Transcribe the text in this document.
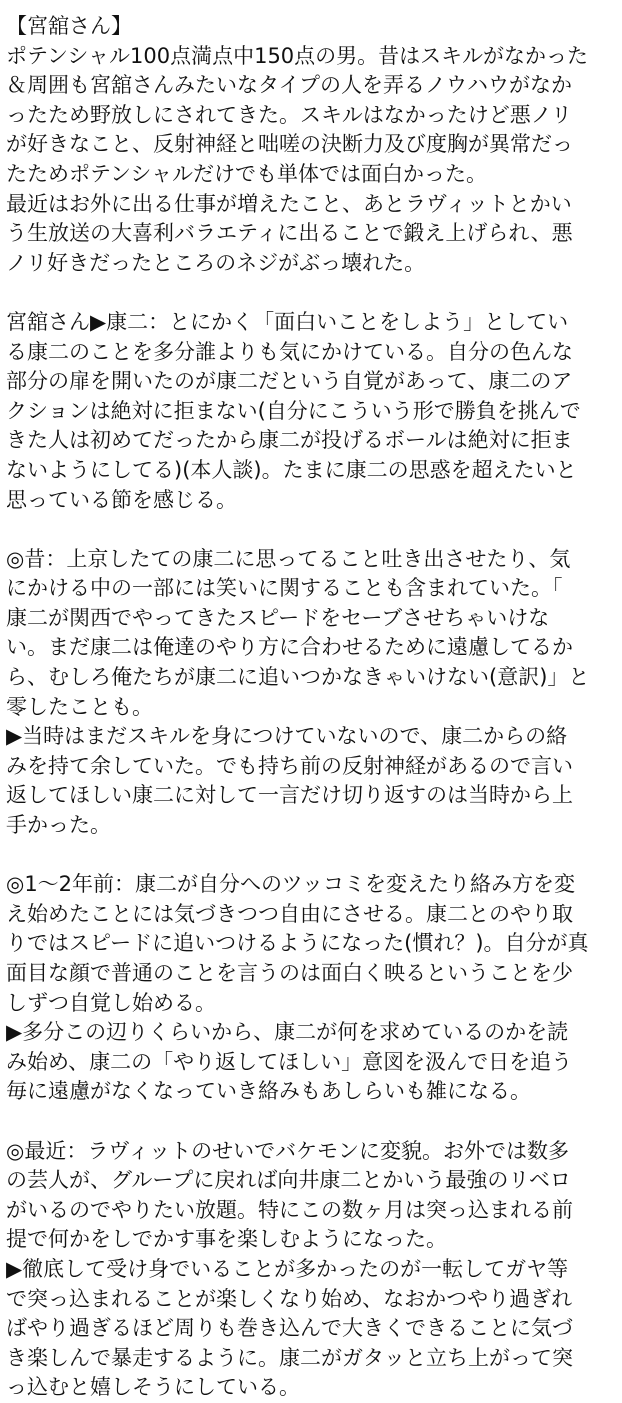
【宮舘さん】
ポテンシャル100点満点中150点の男。昔はスキルがなかった
＆周囲も宮舘さんみたいなタイプの人を弄るノウハウがなか
ったため野放しにされてきた。スキルはなかったけど悪ノリ
が好きなこと、反射神経と咄嗟の決断力及び度胸が異常だっ
たためポテンシャルだけでも単体では面白かった。
最近はお外に出る仕事が増えたこと、あとラヴィットとかい
う生放送の大喜利バラエティに出ることで鍛え上げられ、悪
ノリ好きだったところのネジがぶっ壊れた。
宮舘さん▶康二：とにかく「面白いことをしよう」としてい
る康二のことを多分誰よりも気にかけている。自分の色んな
部分の扉を開いたのが康二だという自覚があって、康二のア
クションは絶対に拒まない(自分にこういう形で勝負を挑んで
きた人は初めてだったから康二が投げるボールは絶対に拒ま
ないようにしてる)(本人談)。たまに康二の思惑を超えたいと
思っている節を感じる。
◎昔：上京したての康二に思ってること吐き出させたり、気
にかける中の一部には笑いに関することも含まれていた。「
康二が関西でやってきたスピードをセーブさせちゃいけな
い。まだ康二は俺達のやり方に合わせるために遠慮してるか
ら、むしろ俺たちが康二に追いつかなきゃいけない(意訳)」と
零したことも。
▶当時はまだスキルを身につけていないので、康二からの絡
みを持て余していた。でも持ち前の反射神経があるので言い
返してほしい康二に対して一言だけ切り返すのは当時から上
手かった。
◎1～2年前：康二が自分へのツッコミを変えたり絡み方を変
え始めたことには気づきつつ自由にさせる。康二とのやり取
りではスピードに追いつけるようになった(慣れ？)。自分が真
面目な顔で普通のことを言うのは面白く映るということを少
しずつ自覚し始める。
▶多分この辺りくらいから、康二が何を求めているのかを読
み始め、康二の「やり返してほしい」意図を汲んで日を追う
毎に遠慮がなくなっていき絡みもあしらいも雑になる。
◎最近：ラヴィットのせいでバケモンに変貌。お外では数多
の芸人が、グループに戻れば向井康二とかいう最強のリベロ
がいるのでやりたい放題。特にこの数ヶ月は突っ込まれる前
提で何かをしでかす事を楽しむようになった。
▶徹底して受け身でいることが多かったのが一転してガヤ等
で突っ込まれることが楽しくなり始め、なおかつやり過ぎれ
ばやり過ぎるほど周りも巻き込んで大きくできることに気づ
き楽しんで暴走するように。康二がガタッと立ち上がって突
っ込むと嬉しそうにしている。
